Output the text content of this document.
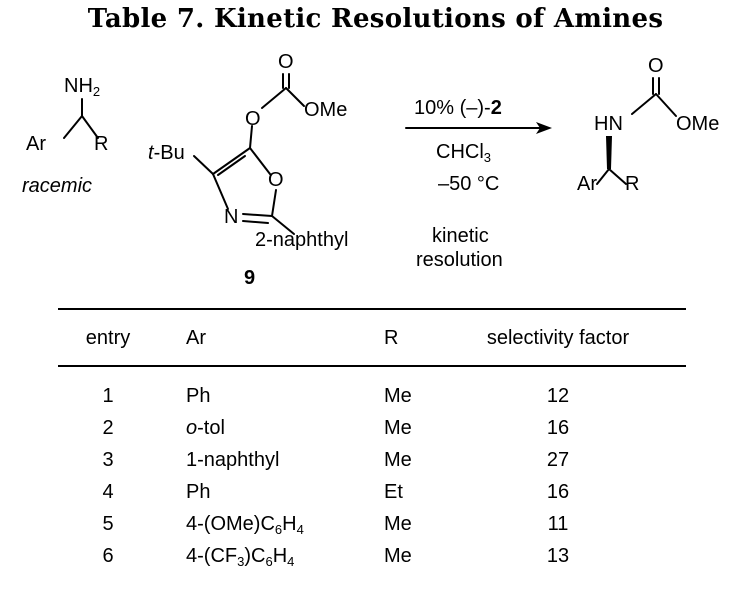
Table 7. Kinetic Resolutions of Amines
$NH_2$
Ar R
racemic
O
O OMe
t-Bu
O
N
2-naphthyl
9
10% (–)-2
CHCl$_3$
–50 °C
kinetic
resolution
O
HN	OMe
Ar R
entry	Ar	R	selectivity factor
1	Ph	Me	12
2	o-tol	Me	16
3	1-naphthyl	Me	27
4	Ph	Et	16
5	$4-(OMe)C_6H_4$	Me	11
6	$4-(CF_3)C_6H_4$	Me	13
